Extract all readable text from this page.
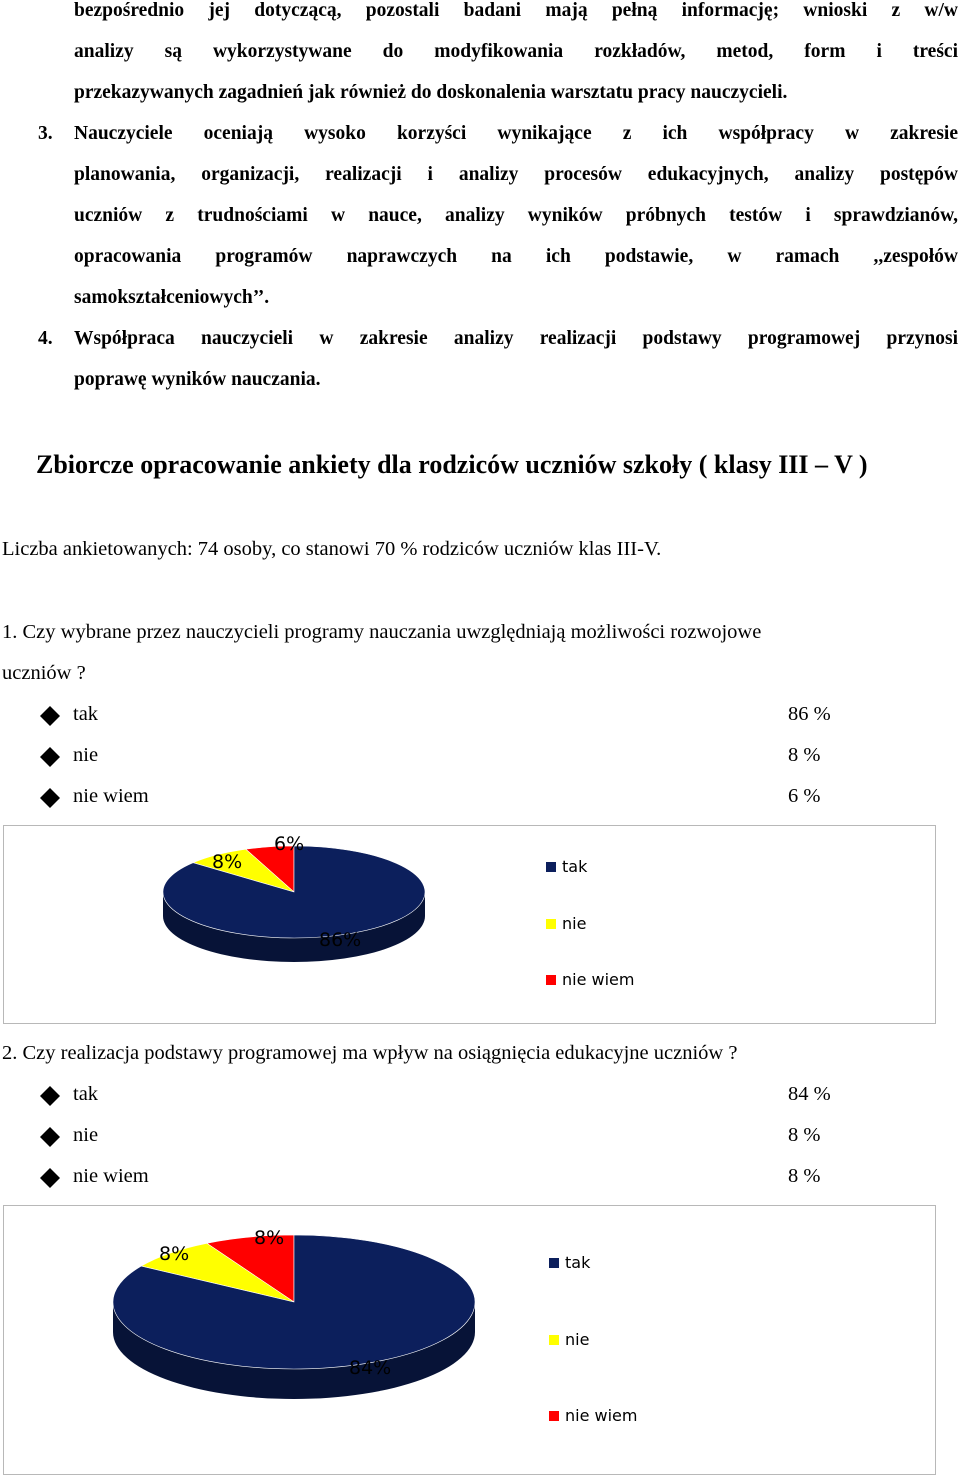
bezpośrednio jej dotyczącą, pozostali badani mają pełną informację; wnioski z w/w
analizy są wykorzystywane do modyfikowania rozkładów, metod, form i treści
przekazywanych zagadnień jak również do doskonalenia warsztatu pracy nauczycieli.
3.	Nauczyciele oceniają wysoko korzyści wynikające z ich współpracy w zakresie
planowania, organizacji, realizacji i analizy procesów edukacyjnych, analizy postępów
uczniów z trudnościami w nauce, analizy wyników próbnych testów i sprawdzianów,
opracowania programów naprawczych na ich podstawie, w ramach ,,zespołów
samokształceniowych’’.
4.	Współpraca nauczycieli w zakresie analizy realizacji podstawy programowej przynosi
poprawę wyników nauczania.
Zbiorcze opracowanie ankiety dla rodziców uczniów szkoły ( klasy III – V )
Liczba ankietowanych: 74 osoby, co stanowi 70 % rodziców uczniów klas III-V.
1. Czy wybrane przez nauczycieli programy nauczania uwzględniają możliwości rozwojowe
uczniów ?
tak	86 %
nie	8 %
nie wiem	6 %
86%
8%
6%
tak
nie
nie wiem
2. Czy realizacja podstawy programowej ma wpływ na osiągnięcia edukacyjne uczniów ?
tak	84 %
nie	8 %
nie wiem	8 %
84%
8%
8%
tak
nie
nie wiem
